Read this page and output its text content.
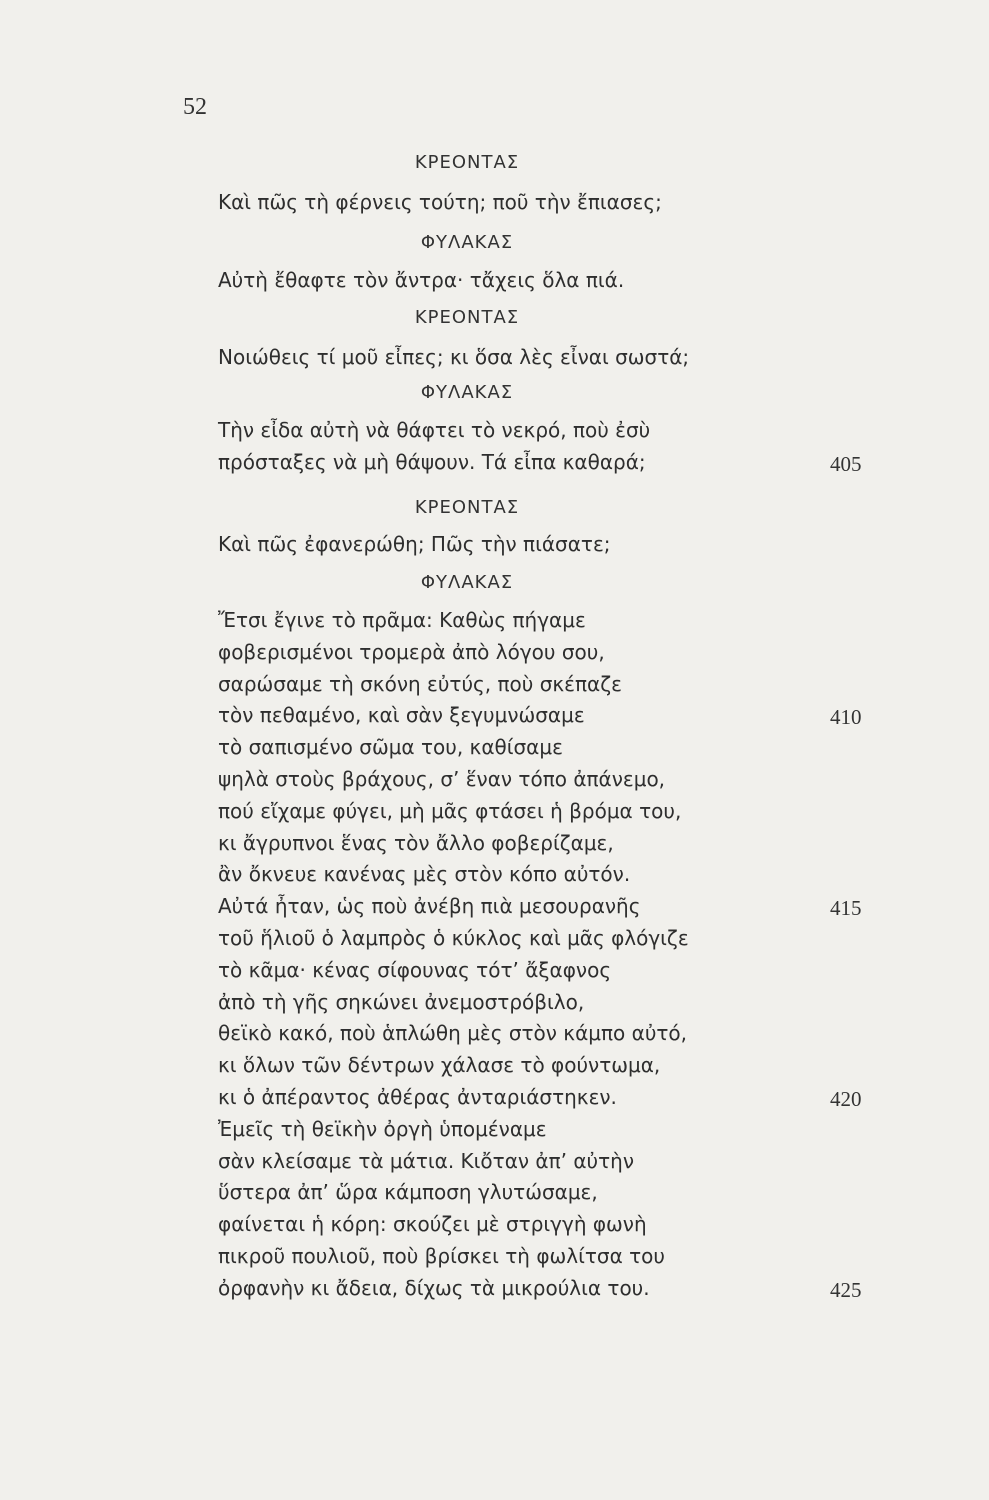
52
ΚΡΕΟΝΤΑΣ
Καὶ πῶς τὴ φέρνεις τούτη; ποῦ τὴν ἔπιασες;
ΦΥΛΑΚΑΣ
Αὐτὴ ἔθαφτε τὸν ἄντρα· τἄχεις ὅλα πιά.
ΚΡΕΟΝΤΑΣ
Νοιώθεις τί μοῦ εἶπες; κι ὅσα λὲς εἶναι σωστά;
ΦΥΛΑΚΑΣ
Τὴν εἶδα αὐτὴ νὰ θάφτει τὸ νεκρό, ποὺ ἐσὺ
πρόσταξες νὰ μὴ θάψουν. Τά εἶπα καθαρά;	405
ΚΡΕΟΝΤΑΣ
Καὶ πῶς ἐφανερώθη; Πῶς τὴν πιάσατε;
ΦΥΛΑΚΑΣ
Ἔτσι ἔγινε τὸ πρᾶμα: Καθὼς πήγαμε
φοβερισμένοι τρομερὰ ἀπὸ λόγου σου,
σαρώσαμε τὴ σκόνη εὐτύς, ποὺ σκέπαζε
τὸν πεθαμένο, καὶ σὰν ξεγυμνώσαμε	410
τὸ σαπισμένο σῶμα του, καθίσαμε
ψηλὰ στοὺς βράχους, σ’ ἕναν τόπο ἀπάνεμο,
πού εἴχαμε φύγει, μὴ μᾶς φτάσει ἡ βρόμα του,
κι ἄγρυπνοι ἕνας τὸν ἄλλο φοβερίζαμε,
ἂν ὄκνευε κανένας μὲς στὸν κόπο αὐτόν.
Αὐτά ἦταν, ὡς ποὺ ἀνέβη πιὰ μεσουρανῆς	415
τοῦ ἥλιοῦ ὁ λαμπρὸς ὁ κύκλος καὶ μᾶς φλόγιζε
τὸ κᾶμα· κένας σίφουνας τότ’ ἄξαφνος
ἀπὸ τὴ γῆς σηκώνει ἀνεμοστρόβιλο,
θεϊκὸ κακό, ποὺ ἁπλώθη μὲς στὸν κάμπο αὐτό,
κι ὅλων τῶν δέντρων χάλασε τὸ φούντωμα,
κι ὁ ἀπέραντος ἀθέρας ἀνταριάστηκεν.	420
Ἐμεῖς τὴ θεϊκὴν ὀργὴ ὑπομέναμε
σὰν κλείσαμε τὰ μάτια. Κιὄταν ἀπ’ αὐτὴν
ὕστερα ἀπ’ ὥρα κάμποση γλυτώσαμε,
φαίνεται ἡ κόρη: σκούζει μὲ στριγγὴ φωνὴ
πικροῦ πουλιοῦ, ποὺ βρίσκει τὴ φωλίτσα του
ὀρφανὴν κι ἄδεια, δίχως τὰ μικρούλια του.	425
